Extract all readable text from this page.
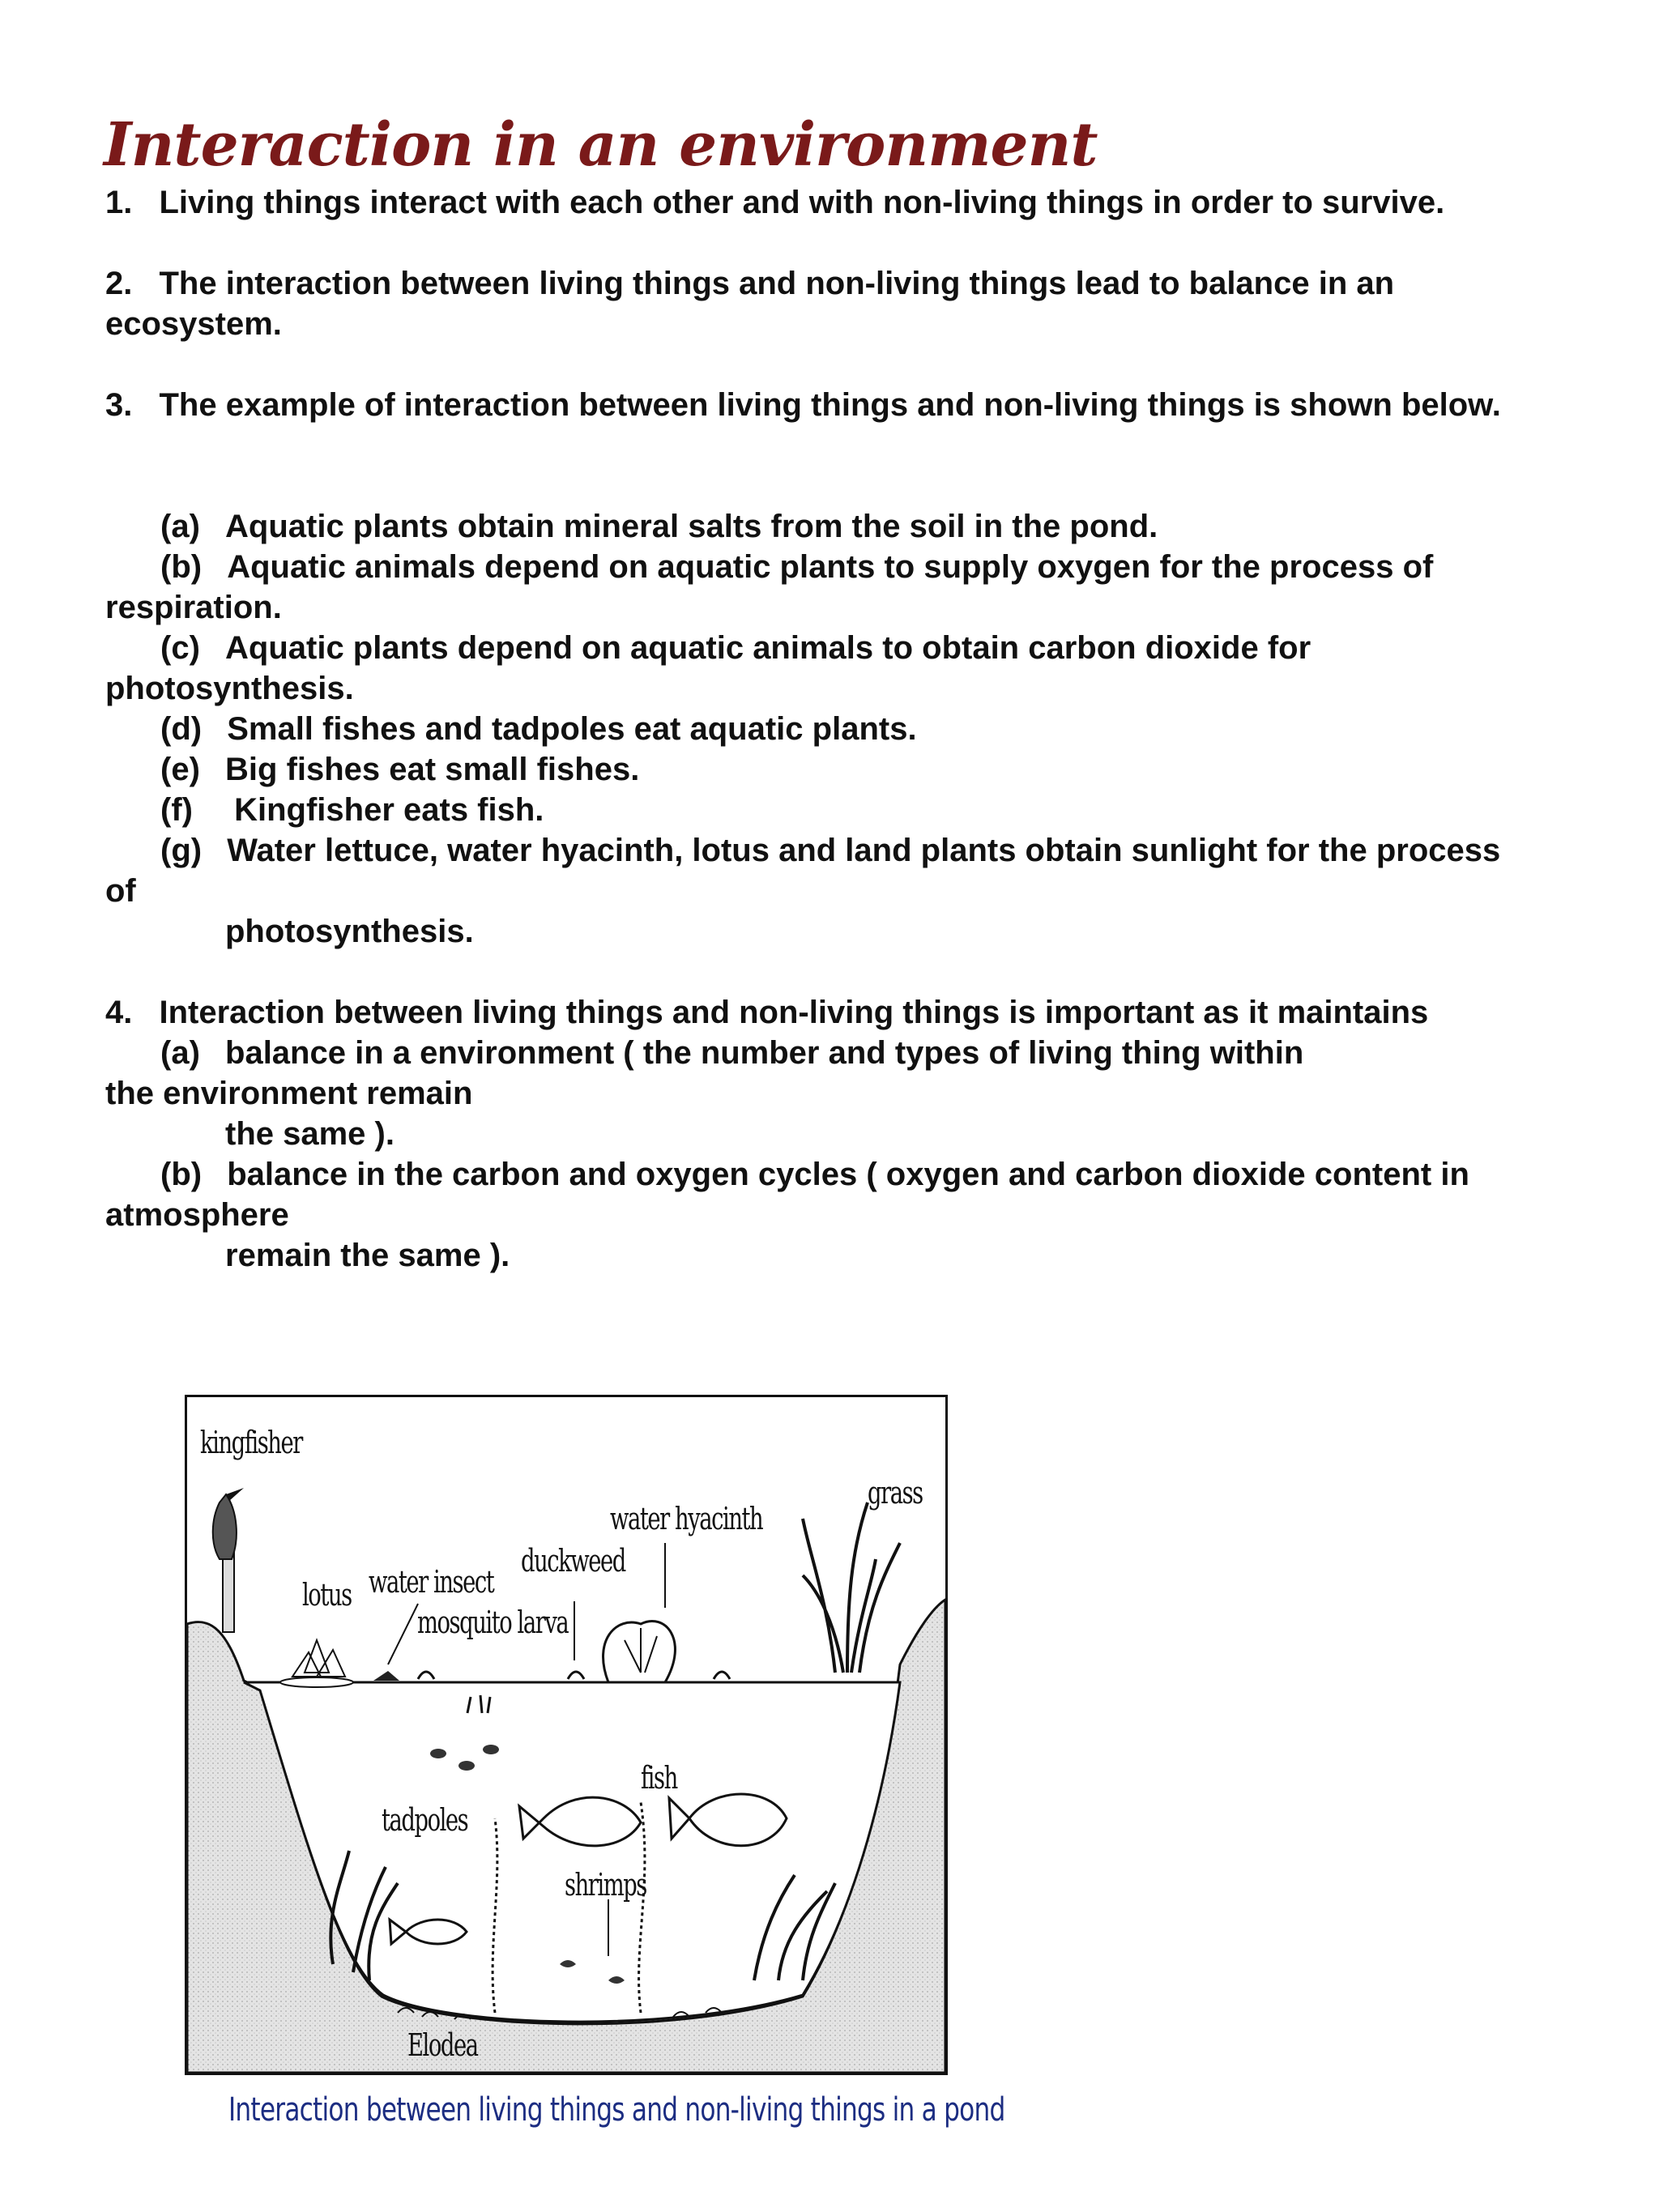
Interaction in an environment
1. Living things interact with each other and with non-living things in order to survive.
2. The interaction between living things and non-living things lead to balance in an
ecosystem.
3. The example of interaction between living things and non-living things is shown below.
(a) Aquatic plants obtain mineral salts from the soil in the pond.
(b) Aquatic animals depend on aquatic plants to supply oxygen for the process of
respiration.
(c) Aquatic plants depend on aquatic animals to obtain carbon dioxide for
photosynthesis.
(d) Small fishes and tadpoles eat aquatic plants.
(e) Big fishes eat small fishes.
(f) Kingfisher eats fish.
(g) Water lettuce, water hyacinth, lotus and land plants obtain sunlight for the process
of
photosynthesis.
4. Interaction between living things and non-living things is important as it maintains
(a) balance in a environment ( the number and types of living thing within
the environment remain
the same ).
(b) balance in the carbon and oxygen cycles ( oxygen and carbon dioxide content in
atmosphere
remain the same ).
kingfisher
grass
water hyacinth
duckweed
water insect
lotus
mosquito larva
fish
tadpoles
shrimps
Elodea
Interaction between living things and non-living things in a pond
